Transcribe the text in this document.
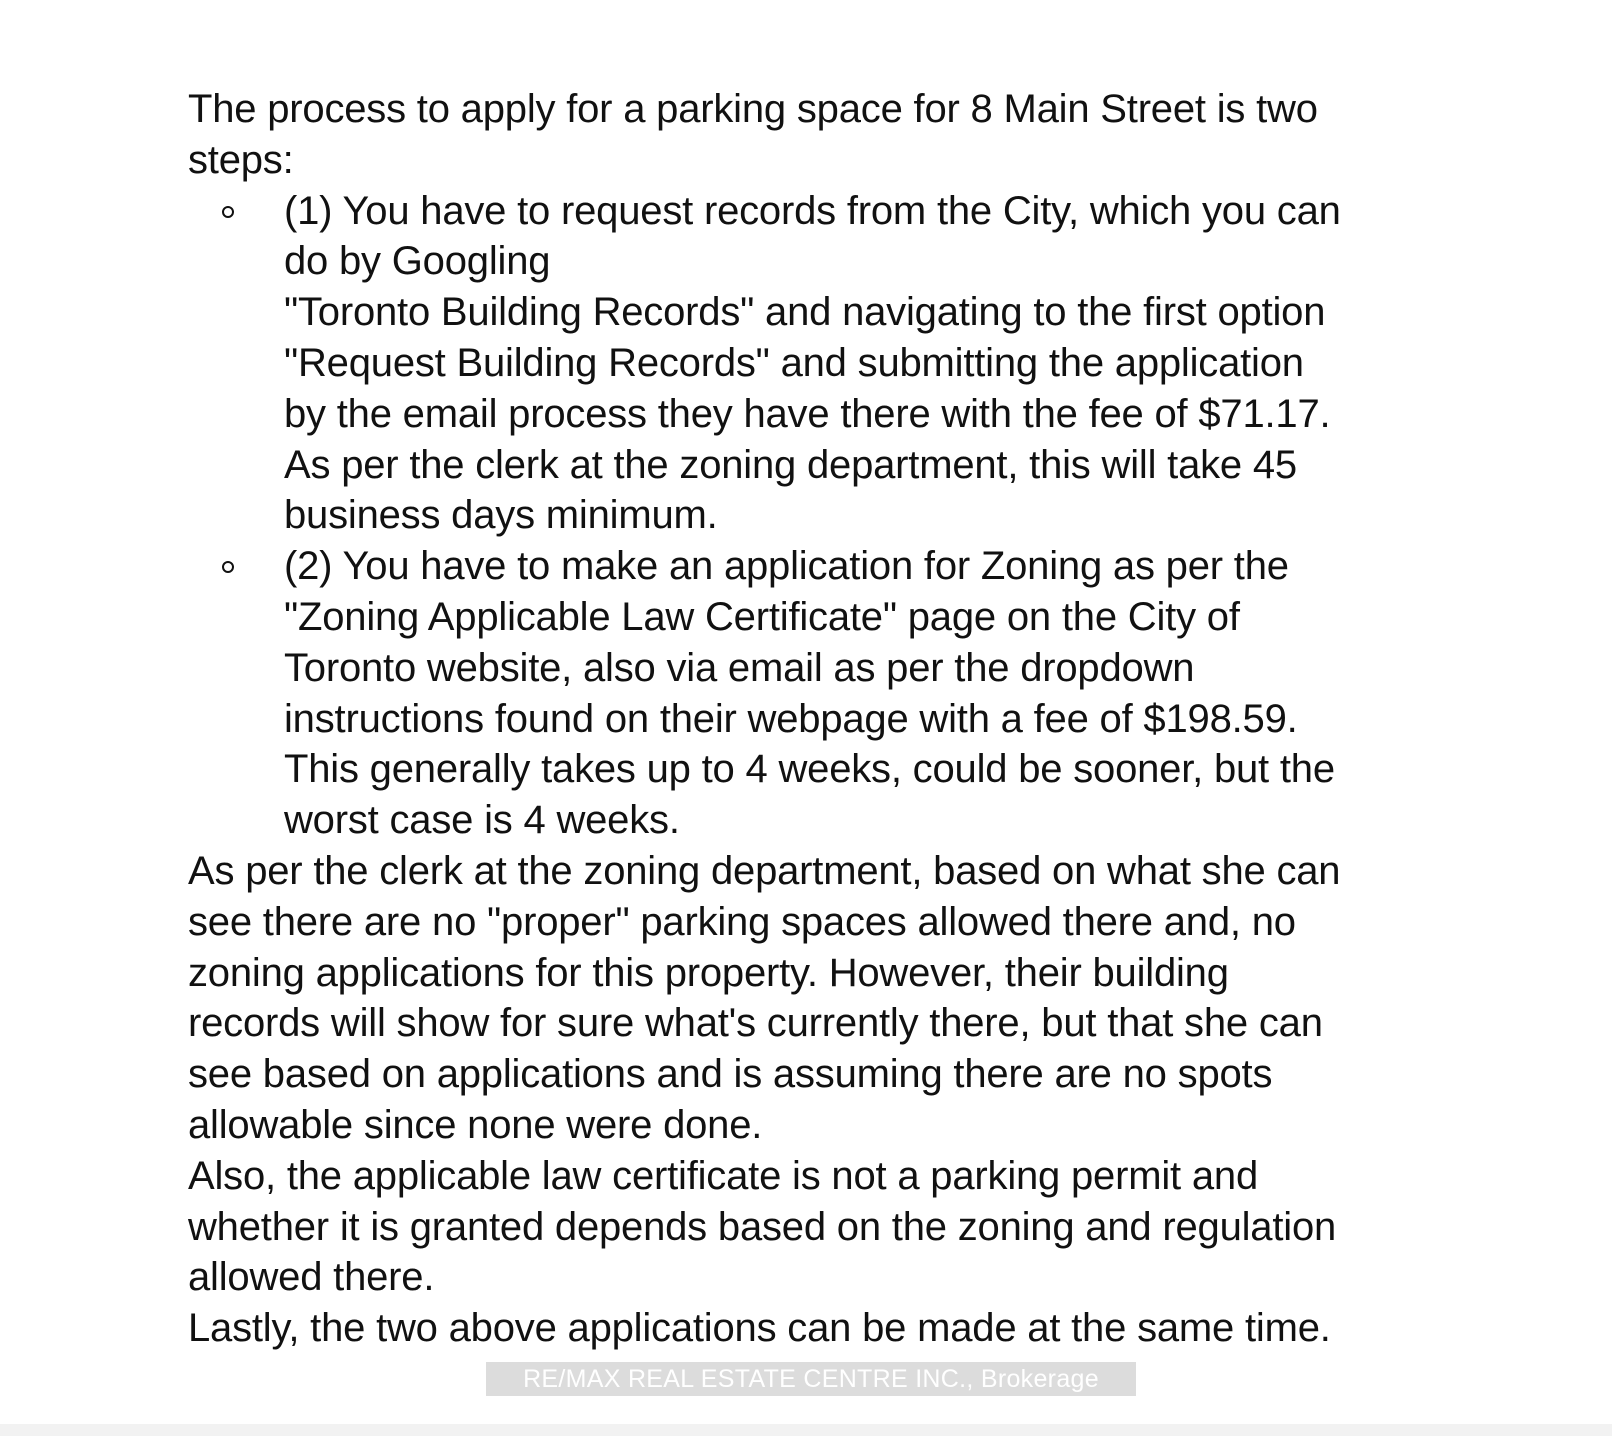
The process to apply for a parking space for 8 Main Street is two
steps:

(1) You have to request records from the City, which you can
do by Googling
"Toronto Building Records" and navigating to the first option
"Request Building Records" and submitting the application
by the email process they have there with the fee of $71.17.
As per the clerk at the zoning department, this will take 45
business days minimum.
(2) You have to make an application for Zoning as per the
"Zoning Applicable Law Certificate" page on the City of
Toronto website, also via email as per the dropdown
instructions found on their webpage with a fee of $198.59.
This generally takes up to 4 weeks, could be sooner, but the
worst case is 4 weeks.

As per the clerk at the zoning department, based on what she can
see there are no "proper" parking spaces allowed there and, no
zoning applications for this property. However, their building
records will show for sure what's currently there, but that she can
see based on applications and is assuming there are no spots
allowable since none were done.

Also, the applicable law certificate is not a parking permit and
whether it is granted depends based on the zoning and regulation
allowed there.

Lastly, the two above applications can be made at the same time.

RE/MAX REAL ESTATE CENTRE INC., Brokerage
